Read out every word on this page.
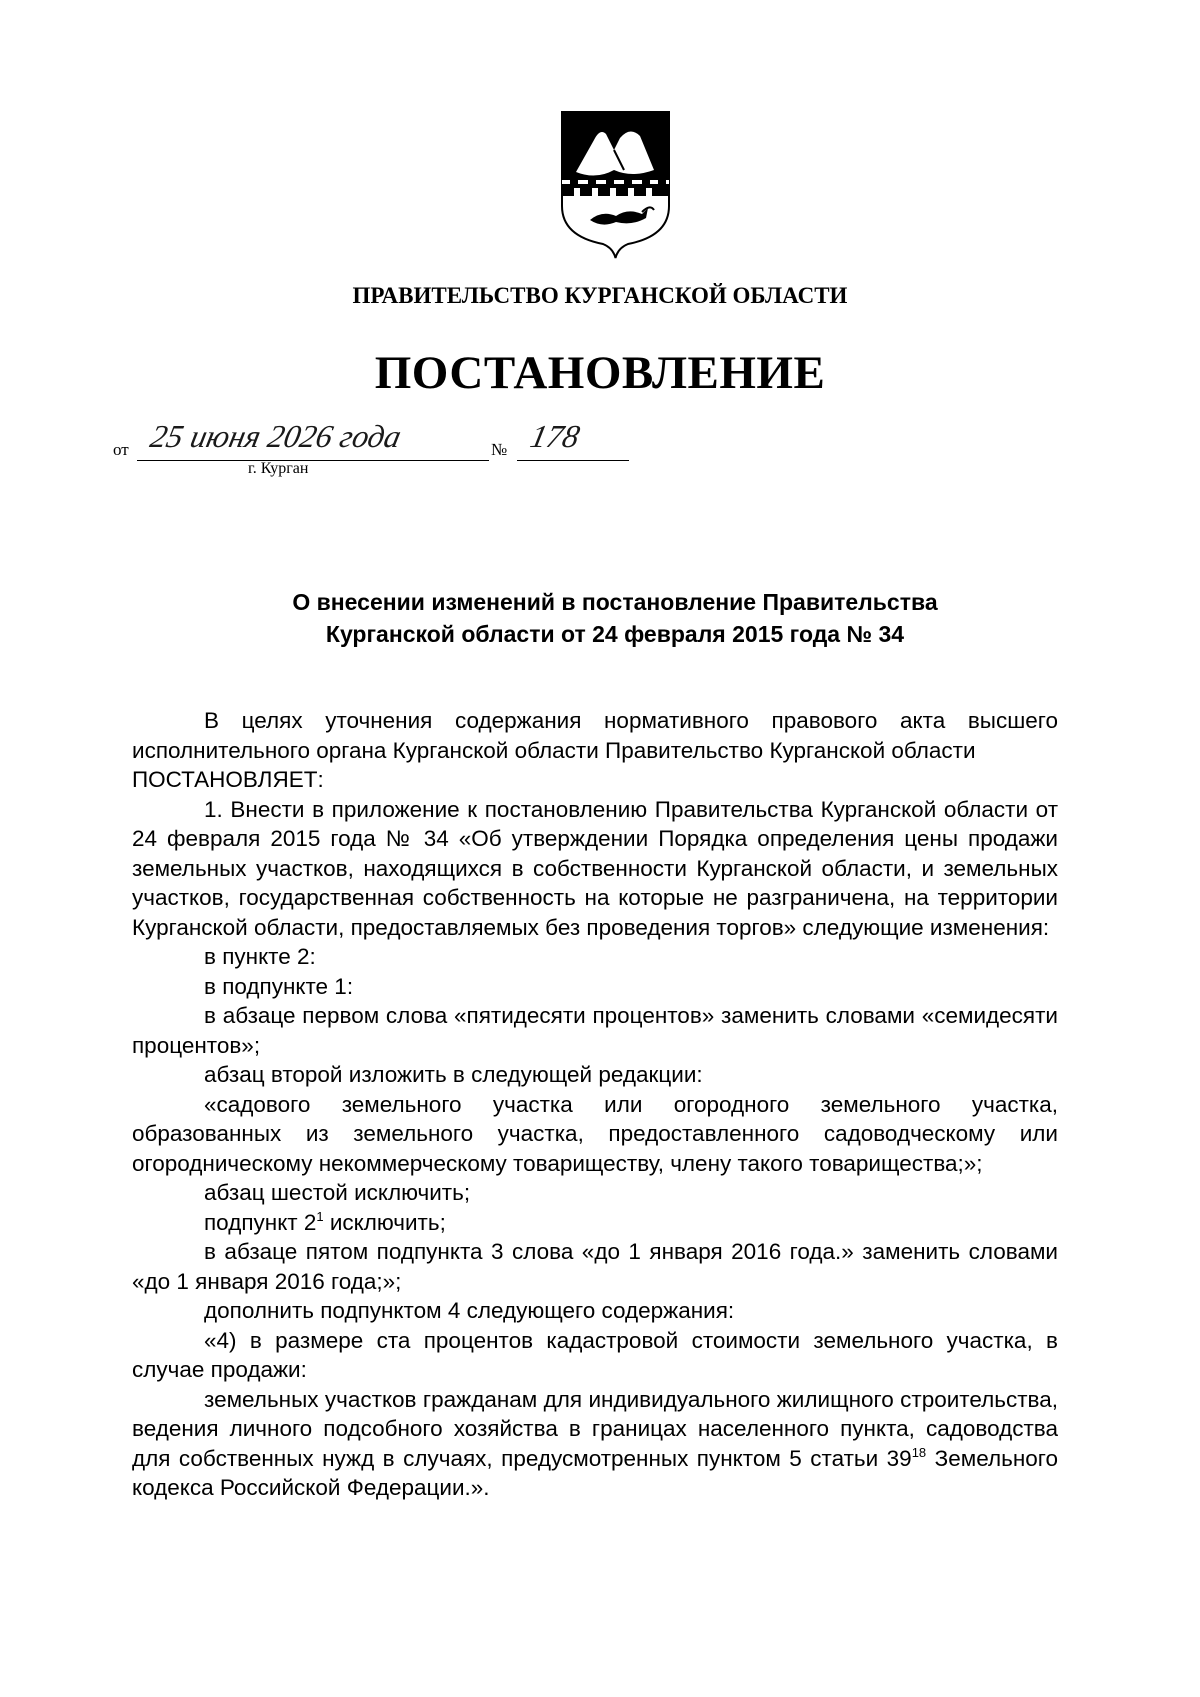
ПРАВИТЕЛЬСТВО КУРГАНСКОЙ ОБЛАСТИ
ПОСТАНОВЛЕНИЕ
от 25 июня 2026 года	№ 178
г. Курган
О внесении изменений в постановление Правительства
Курганской области от 24 февраля 2015 года № 34

В целях уточнения содержания нормативного правового акта высшего исполнительного органа Курганской области Правительство Курганской области

ПОСТАНОВЛЯЕТ:

1. Внести в приложение к постановлению Правительства Курганской области от 24 февраля 2015 года № 34 «Об утверждении Порядка определения цены продажи земельных участков, находящихся в собственности Курганской области, и земельных участков, государственная собственность на которые не разграничена, на территории Курганской области, предоставляемых без проведения торгов» следующие изменения:

в пункте 2:

в подпункте 1:

в абзаце первом слова «пятидесяти процентов» заменить словами «семидесяти процентов»;

абзац второй изложить в следующей редакции:

«садового земельного участка или огородного земельного участка, образованных из земельного участка, предоставленного садоводческому или огородническому некоммерческому товариществу, члену такого товарищества;»;

абзац шестой исключить;

подпункт $2^1$ исключить;

в абзаце пятом подпункта 3 слова «до 1 января 2016 года.» заменить словами «до 1 января 2016 года;»;

дополнить подпунктом 4 следующего содержания:

«4) в размере ста процентов кадастровой стоимости земельного участка, в случае продажи:

земельных участков гражданам для индивидуального жилищного строительства, ведения личного подсобного хозяйства в границах населенного пункта, садоводства для собственных нужд в случаях, предусмотренных пунктом 5 статьи $39^{18}$ Земельного кодекса Российской Федерации.».
